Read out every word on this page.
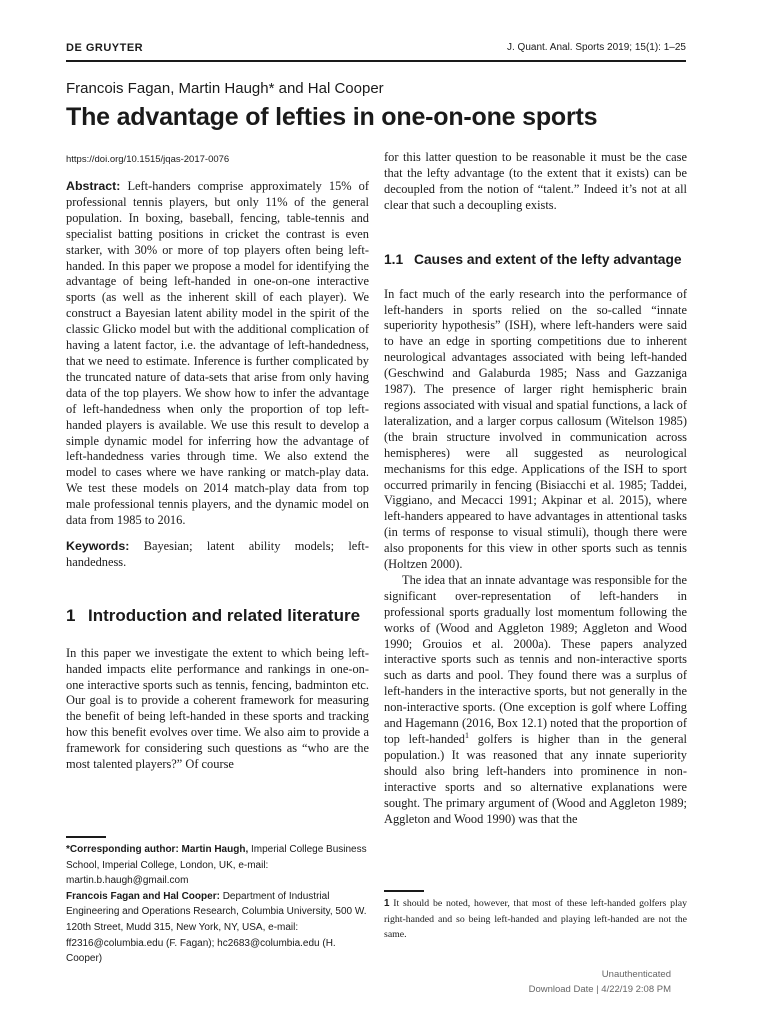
DE GRUYTER	J. Quant. Anal. Sports 2019; 15(1): 1–25
Francois Fagan, Martin Haugh* and Hal Cooper
The advantage of lefties in one-on-one sports
https://doi.org/10.1515/jqas-2017-0076

Abstract: Left-handers comprise approximately 15% of professional tennis players, but only 11% of the general population. In boxing, baseball, fencing, table-tennis and specialist batting positions in cricket the contrast is even starker, with 30% or more of top players often being left-handed. In this paper we propose a model for identifying the advantage of being left-handed in one-on-one interactive sports (as well as the inherent skill of each player). We construct a Bayesian latent ability model in the spirit of the classic Glicko model but with the additional complication of having a latent factor, i.e. the advantage of left-handedness, that we need to estimate. Inference is further complicated by the truncated nature of data-sets that arise from only having data of the top players. We show how to infer the advantage of left-handedness when only the proportion of top left-handed players is available. We use this result to develop a simple dynamic model for inferring how the advantage of left-handedness varies through time. We also extend the model to cases where we have ranking or match-play data. We test these models on 2014 match-play data from top male professional tennis players, and the dynamic model on data from 1985 to 2016.

Keywords: Bayesian; latent ability models; left-handedness.

1 Introduction and related literature

In this paper we investigate the extent to which being left-handed impacts elite performance and rankings in one-on-one interactive sports such as tennis, fencing, badminton etc. Our goal is to provide a coherent framework for measuring the benefit of being left-handed in these sports and tracking how this benefit evolves over time. We also aim to provide a framework for considering such questions as “who are the most talented players?” Of course

*Corresponding author: Martin Haugh, Imperial College Business School, Imperial College, London, UK, e-mail: martin.b.haugh@gmail.com
Francois Fagan and Hal Cooper: Department of Industrial Engineering and Operations Research, Columbia University, 500 W. 120th Street, Mudd 315, New York, NY, USA, e-mail: ff2316@columbia.edu (F. Fagan); hc2683@columbia.edu (H. Cooper)

for this latter question to be reasonable it must be the case that the lefty advantage (to the extent that it exists) can be decoupled from the notion of “talent.” Indeed it’s not at all clear that such a decoupling exists.

1.1 Causes and extent of the lefty advantage

In fact much of the early research into the performance of left-handers in sports relied on the so-called “innate superiority hypothesis” (ISH), where left-handers were said to have an edge in sporting competitions due to inherent neurological advantages associated with being left-handed (Geschwind and Galaburda 1985; Nass and Gazzaniga 1987). The presence of larger right hemispheric brain regions associated with visual and spatial functions, a lack of lateralization, and a larger corpus callosum (Witelson 1985) (the brain structure involved in communication across hemispheres) were all suggested as neurological mechanisms for this edge. Applications of the ISH to sport occurred primarily in fencing (Bisiacchi et al. 1985; Taddei, Viggiano, and Mecacci 1991; Akpinar et al. 2015), where left-handers appeared to have advantages in attentional tasks (in terms of response to visual stimuli), though there were also proponents for this view in other sports such as tennis (Holtzen 2000).

The idea that an innate advantage was responsible for the significant over-representation of left-handers in professional sports gradually lost momentum following the works of (Wood and Aggleton 1989; Aggleton and Wood 1990; Grouios et al. 2000a). These papers analyzed interactive sports such as tennis and non-interactive sports such as darts and pool. They found there was a surplus of left-handers in the interactive sports, but not generally in the non-interactive sports. (One exception is golf where Loffing and Hagemann (2016, Box 12.1) noted that the proportion of top left-handed$^1$ golfers is higher than in the general population.) It was reasoned that any innate superiority should also bring left-handers into prominence in non-interactive sports and so alternative explanations were sought. The primary argument of (Wood and Aggleton 1989; Aggleton and Wood 1990) was that the

1 It should be noted, however, that most of these left-handed golfers play right-handed and so being left-handed and playing left-handed are not the same.
Unauthenticated
Download Date | 4/22/19 2:08 PM
